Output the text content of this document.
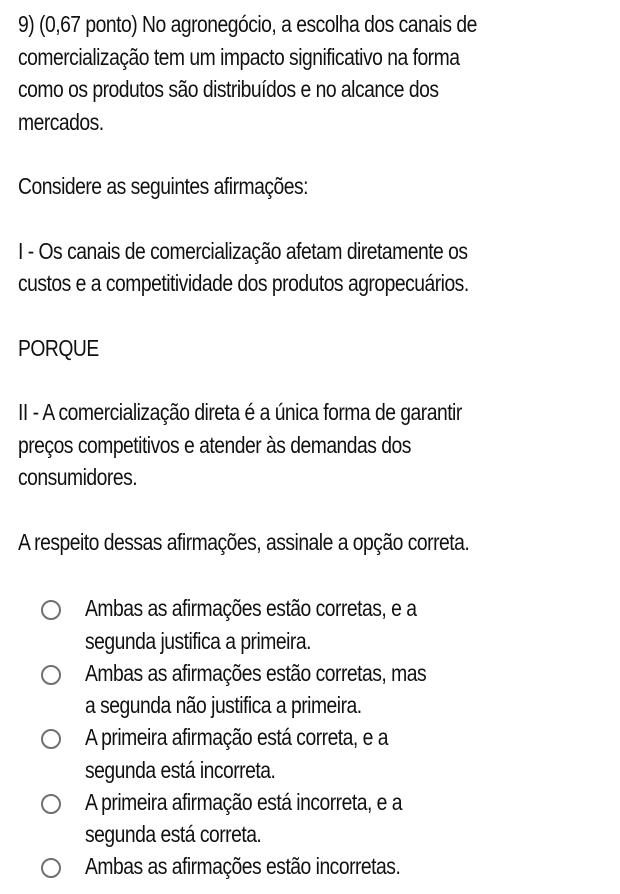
9) (0,67 ponto) No agronegócio, a escolha dos canais de comercialização tem um impacto significativo na forma como os produtos são distribuídos e no alcance dos mercados.

Considere as seguintes afirmações:

I - Os canais de comercialização afetam diretamente os custos e a competitividade dos produtos agropecuários.

PORQUE

II - A comercialização direta é a única forma de garantir preços competitivos e atender às demandas dos consumidores.

A respeito dessas afirmações, assinale a opção correta.

Ambas as afirmações estão corretas, e a segunda justifica a primeira.
Ambas as afirmações estão corretas, mas a segunda não justifica a primeira.
A primeira afirmação está correta, e a segunda está incorreta.
A primeira afirmação está incorreta, e a segunda está correta.
Ambas as afirmações estão incorretas.
